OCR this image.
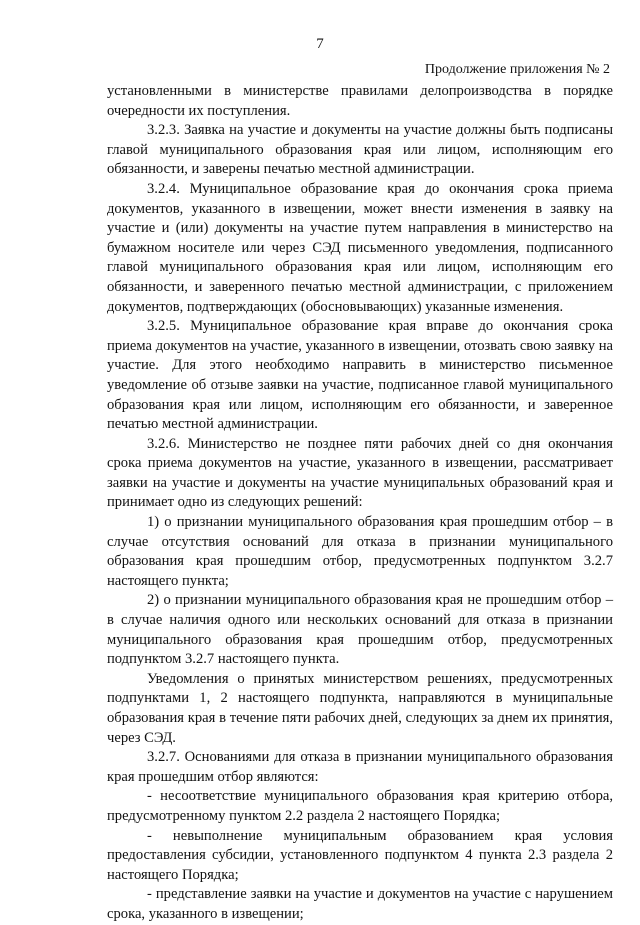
7
Продолжение приложения № 2

установленными в министерстве правилами делопроизводства в порядке очередности их поступления.

3.2.3. Заявка на участие и документы на участие должны быть подписаны главой муниципального образования края или лицом, исполняющим его обязанности, и заверены печатью местной администрации.

3.2.4. Муниципальное образование края до окончания срока приема документов, указанного в извещении, может внести изменения в заявку на участие и (или) документы на участие путем направления в министерство на бумажном носителе или через СЭД письменного уведомления, подписанного главой муниципального образования края или лицом, исполняющим его обязанности, и заверенного печатью местной администрации, с приложением документов, подтверждающих (обосновывающих) указанные изменения.

3.2.5. Муниципальное образование края вправе до окончания срока приема документов на участие, указанного в извещении, отозвать свою заявку на участие. Для этого необходимо направить в министерство письменное уведомление об отзыве заявки на участие, подписанное главой муниципального образования края или лицом, исполняющим его обязанности, и заверенное печатью местной администрации.

3.2.6. Министерство не позднее пяти рабочих дней со дня окончания срока приема документов на участие, указанного в извещении, рассматривает заявки на участие и документы на участие муниципальных образований края и принимает одно из следующих решений:

1) о признании муниципального образования края прошедшим отбор – в случае отсутствия оснований для отказа в признании муниципального образования края прошедшим отбор, предусмотренных подпунктом 3.2.7 настоящего пункта;

2) о признании муниципального образования края не прошедшим отбор – в случае наличия одного или нескольких оснований для отказа в признании муниципального образования края прошедшим отбор, предусмотренных подпунктом 3.2.7 настоящего пункта.

Уведомления о принятых министерством решениях, предусмотренных подпунктами 1, 2 настоящего подпункта, направляются в муниципальные образования края в течение пяти рабочих дней, следующих за днем их принятия, через СЭД.

3.2.7. Основаниями для отказа в признании муниципального образования края прошедшим отбор являются:

- несоответствие муниципального образования края критерию отбора, предусмотренному пунктом 2.2 раздела 2 настоящего Порядка;

- невыполнение муниципальным образованием края условия предоставления субсидии, установленного подпунктом 4 пункта 2.3 раздела 2 настоящего Порядка;

- представление заявки на участие и документов на участие с нарушением срока, указанного в извещении;
